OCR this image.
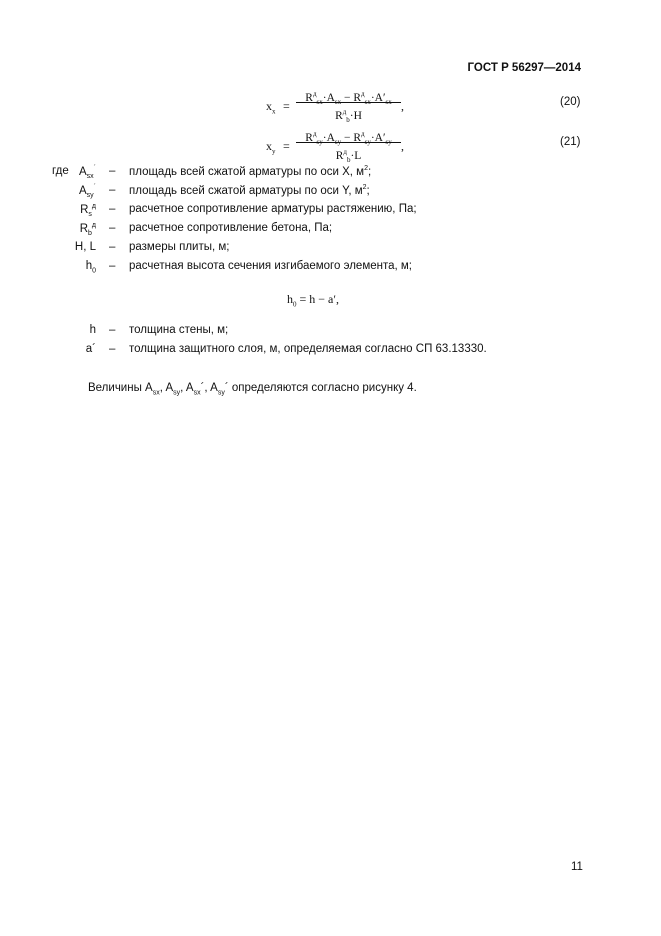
ГОСТ Р 56297—2014
$x_x$ =
$R^д_{sx}\cdot A_{sx} - R^д_{sx}\cdot A'_{sx}$
$R^д_b\cdot H$
,	(20)
$x_y$ =
$R^д_{sy}\cdot A_{sy} - R^д_{sy}\cdot A'_{sy}$
$R^д_b\cdot L$
,	(21)
где $A_{sx}^´$ – площадь всей сжатой арматуры по оси X, $м^2$;
$A_{sy}^´$ – площадь всей сжатой арматуры по оси Y, $м^2$;
$R_s^д$ – расчетное сопротивление арматуры растяжению, Па;
$R_b^д$ – расчетное сопротивление бетона, Па;
H, L – размеры плиты, м;
$h_0$ – расчетная высота сечения изгибаемого элемента, м;
$h_0 = h - a'$,
h – толщина стены, м;
a´ – толщина защитного слоя, м, определяемая согласно СП 63.13330.
Величины $A_{sx}$, $A_{sy}$, $A_{sx}´$, $A_{sy}´$ определяются согласно рисунку 4.
11
